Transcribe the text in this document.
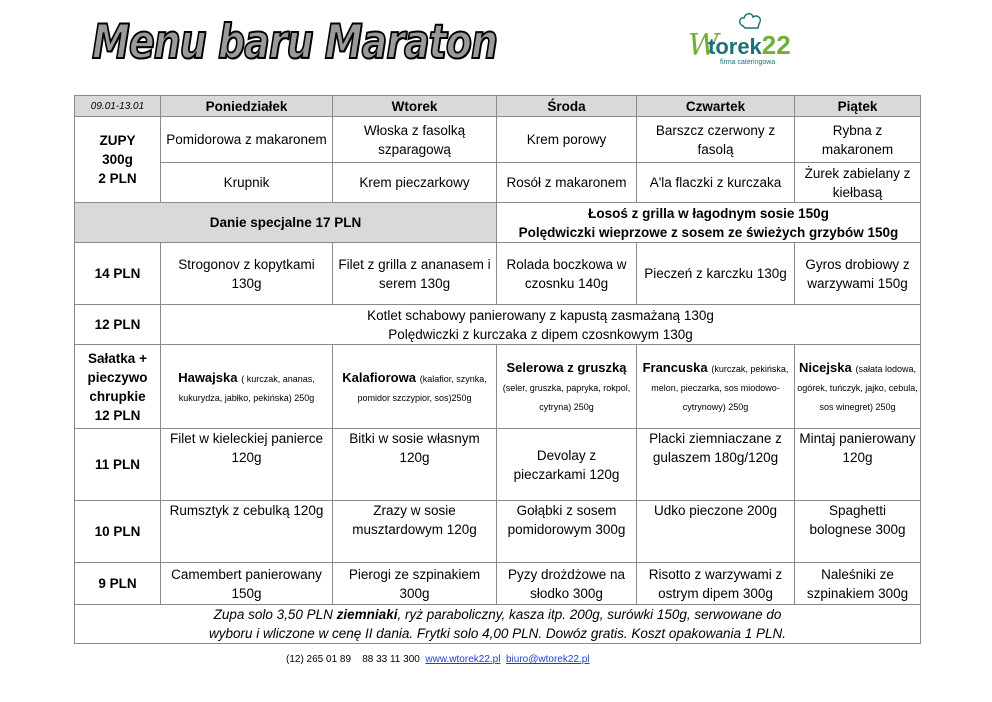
Menu baru Maraton	W
torek22
firma cateringowa
09.01-13.01	Poniedziałek	Wtorek	Środa	Czwartek	Piątek

ZUPY
300g
2 PLN	Pomidorowa z makaronem	Włoska z fasolką szparagową	Krem porowy	Barszcz czerwony z fasolą	Rybna z makaronem
	Krupnik	Krem pieczarkowy	Rosół z makaronem	A'la flaczki z kurczaka	Żurek zabielany z kiełbasą
Danie specjalne 17 PLN			Łosoś z grilla w łagodnym sosie 150g
Polędwiczki wieprzowe z sosem ze świeżych grzybów 150g		

14 PLN	Strogonov z kopytkami 130g	Filet z grilla z ananasem i serem 130g	Rolada boczkowa w czosnku 140g	Pieczeń z karczku 130g	Gyros drobiowy z warzywami 150g
12 PLN	Kotlet schabowy panierowany z kapustą zasmażaną 130g
Polędwiczki z kurczaka z dipem czosnkowym 130g				

Sałatka +
pieczywo
chrupkie
12 PLN	Hawajska ( kurczak, ananas, kukurydza, jabłko, pekińska) 250g	Kalafiorowa (kalafior, szynka, pomidor szczypior, sos)250g	Selerowa z gruszką (seler, gruszka, papryka, rokpol, cytryna) 250g	Francuska (kurczak, pekińska, melon, pieczarka, sos miodowo-cytrynowy) 250g	Nicejska (sałata lodowa, ogórek, tuńczyk, jajko, cebula, sos winegret) 250g
11 PLN	Filet w kieleckiej panierce 120g	Bitki w sosie własnym 120g	Devolay z pieczarkami 120g	Placki ziemniaczane z gulaszem 180g/120g	Mintaj panierowany 120g
10 PLN	Rumsztyk z cebulką 120g	Zrazy w sosie musztardowym 120g	Gołąbki z sosem pomidorowym 300g	Udko pieczone 200g	Spaghetti bolognese 300g
9 PLN	Camembert panierowany 150g	Pierogi ze szpinakiem 300g	Pyzy drożdżowe na słodko 300g	Risotto z warzywami z ostrym dipem 300g	Naleśniki ze szpinakiem 300g

Zupa solo 3,50 PLN ziemniaki, ryż paraboliczny, kasza itp. 200g, surówki 150g, serwowane do wyboru i wliczone w cenę II dania. Frytki solo 4,00 PLN. Dowóz gratis. Koszt opakowania 1 PLN.					
(12) 265 01 89 88 33 11 300 www.wtorek22.pl biuro@wtorek22.pl
